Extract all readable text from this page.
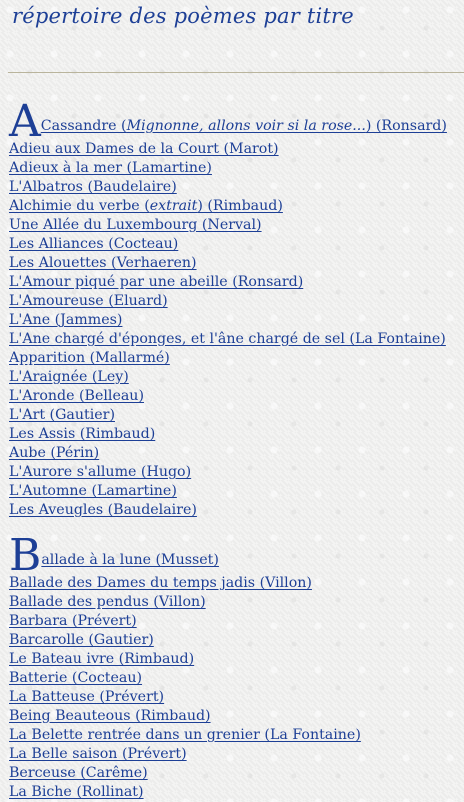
répertoire des poèmes par titre
A Cassandre (Mignonne, allons voir si la rose...) (Ronsard)
Adieu aux Dames de la Court (Marot)
Adieux à la mer (Lamartine)
L'Albatros (Baudelaire)
Alchimie du verbe (extrait) (Rimbaud)
Une Allée du Luxembourg (Nerval)
Les Alliances (Cocteau)
Les Alouettes (Verhaeren)
L'Amour piqué par une abeille (Ronsard)
L'Amoureuse (Eluard)
L'Ane (Jammes)
L'Ane chargé d'éponges, et l'âne chargé de sel (La Fontaine)
Apparition (Mallarmé)
L'Araignée (Ley)
L'Aronde (Belleau)
L'Art (Gautier)
Les Assis (Rimbaud)
Aube (Périn)
L'Aurore s'allume (Hugo)
L'Automne (Lamartine)
Les Aveugles (Baudelaire)
B allade à la lune (Musset)
Ballade des Dames du temps jadis (Villon)
Ballade des pendus (Villon)
Barbara (Prévert)
Barcarolle (Gautier)
Le Bateau ivre (Rimbaud)
Batterie (Cocteau)
La Batteuse (Prévert)
Being Beauteous (Rimbaud)
La Belette rentrée dans un grenier (La Fontaine)
La Belle saison (Prévert)
Berceuse (Carême)
La Biche (Rollinat)
